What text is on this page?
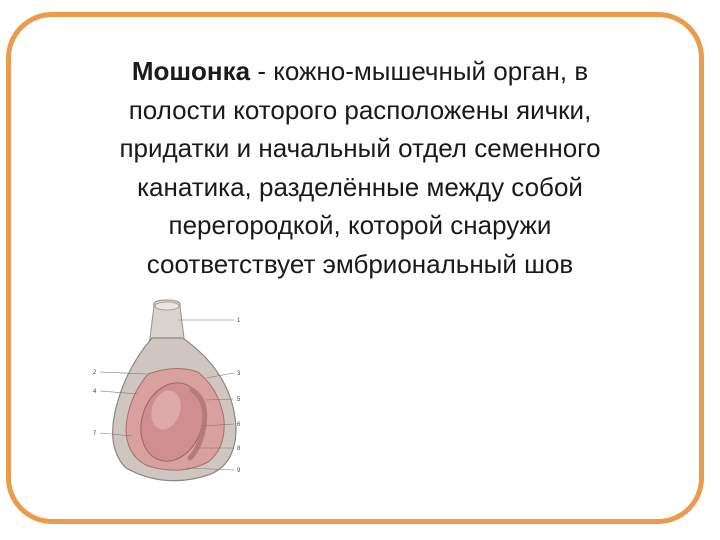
Мошонка - кожно-мышечный орган, в
полости которого расположены яички,
придатки и начальный отдел семенного
канатика, разделённые между собой
перегородкой, которой снаружи
соответствует эмбриональный шов
2
4
7
1
3
5
6
8
9
